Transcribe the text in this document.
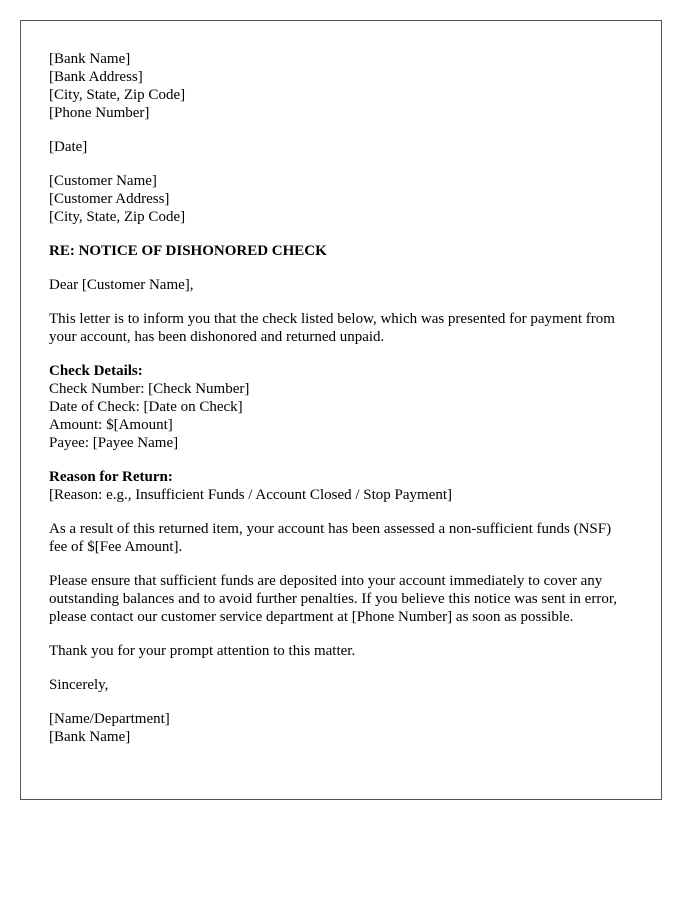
[Bank Name]
[Bank Address]
[City, State, Zip Code]
[Phone Number]
[Date]
[Customer Name]
[Customer Address]
[City, State, Zip Code]
RE: NOTICE OF DISHONORED CHECK
Dear [Customer Name],
This letter is to inform you that the check listed below, which was presented for payment from your account, has been dishonored and returned unpaid.
Check Details:
Check Number: [Check Number]
Date of Check: [Date on Check]
Amount: $[Amount]
Payee: [Payee Name]
Reason for Return:
[Reason: e.g., Insufficient Funds / Account Closed / Stop Payment]
As a result of this returned item, your account has been assessed a non-sufficient funds (NSF) fee of $[Fee Amount].
Please ensure that sufficient funds are deposited into your account immediately to cover any outstanding balances and to avoid further penalties. If you believe this notice was sent in error, please contact our customer service department at [Phone Number] as soon as possible.
Thank you for your prompt attention to this matter.
Sincerely,
[Name/Department]
[Bank Name]
